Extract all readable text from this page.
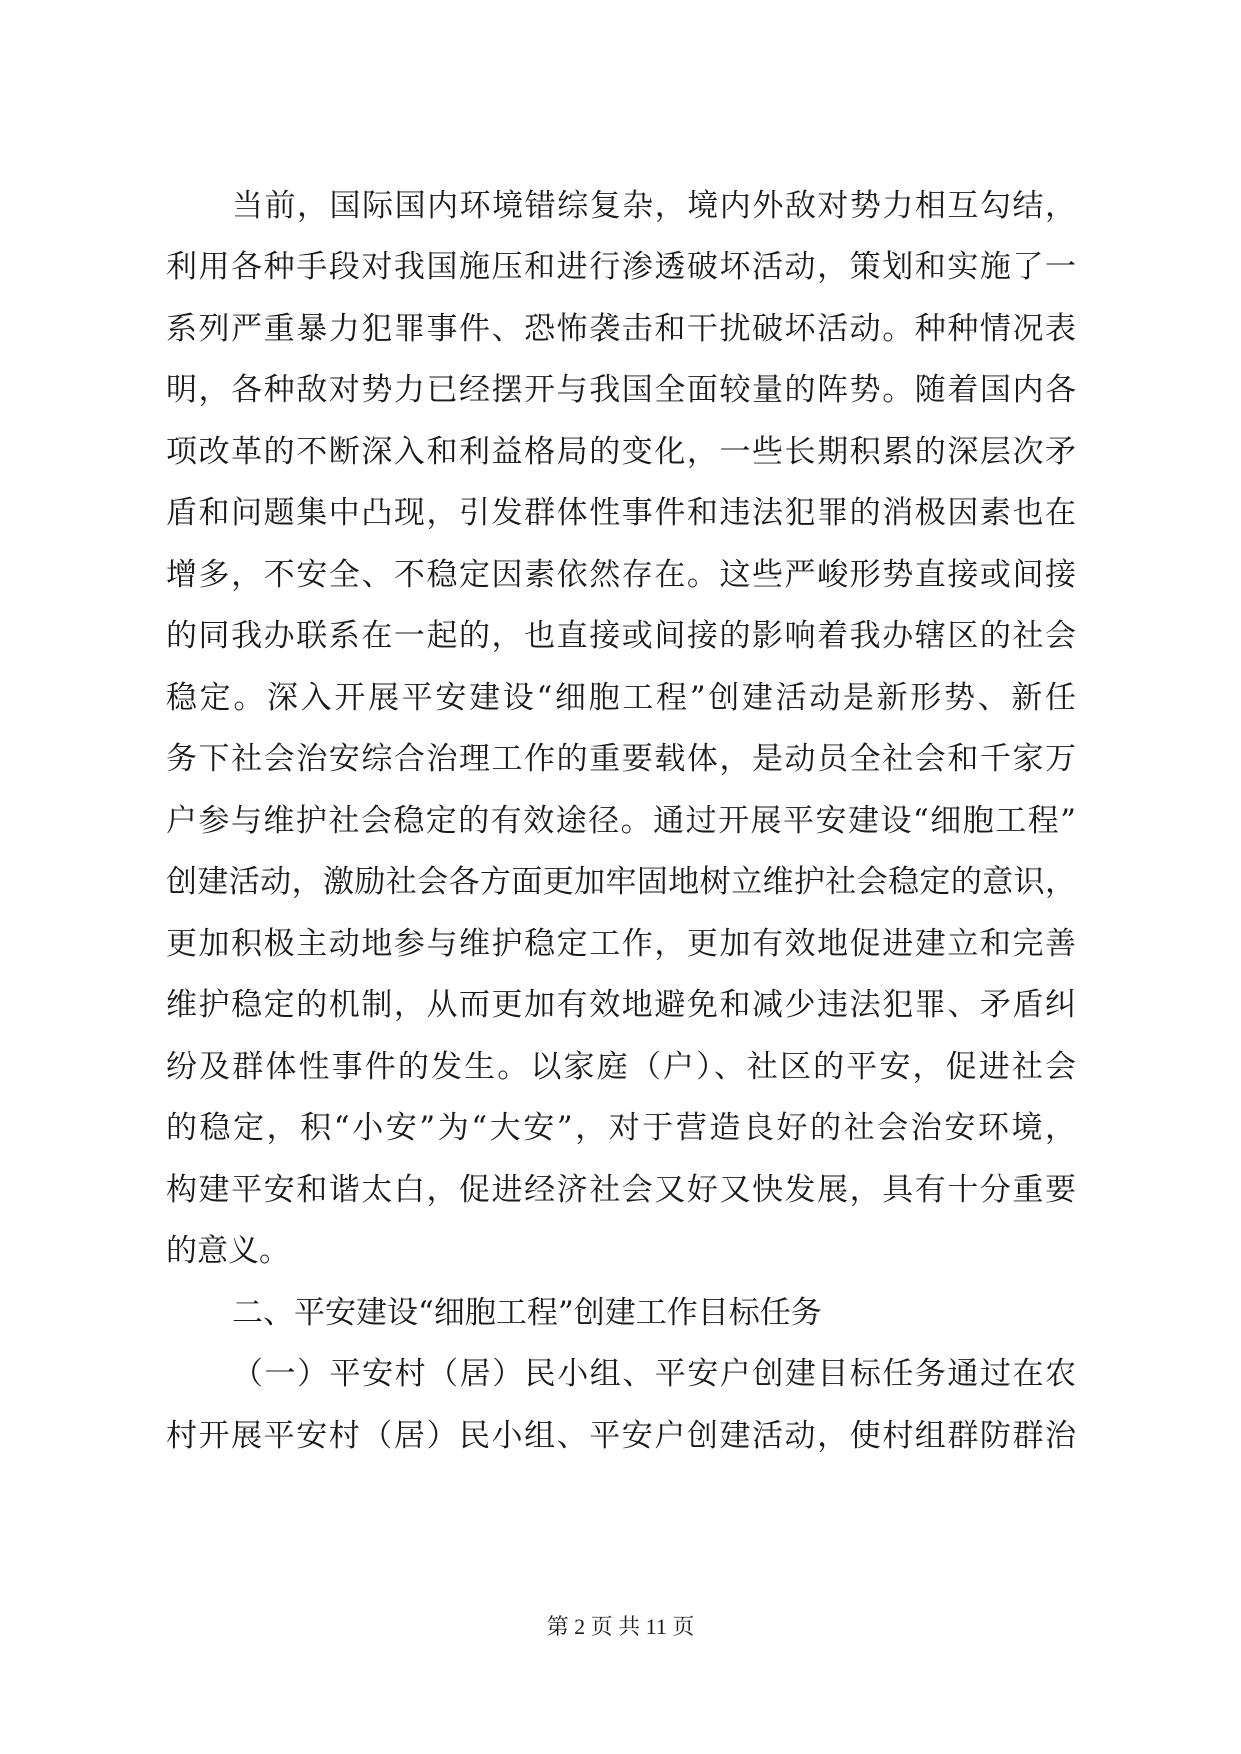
当前，国际国内环境错综复杂，境内外敌对势力相互勾结，
利用各种手段对我国施压和进行渗透破坏活动，策划和实施了一
系列严重暴力犯罪事件、恐怖袭击和干扰破坏活动。种种情况表
明，各种敌对势力已经摆开与我国全面较量的阵势。随着国内各
项改革的不断深入和利益格局的变化，一些长期积累的深层次矛
盾和问题集中凸现，引发群体性事件和违法犯罪的消极因素也在
增多，不安全、不稳定因素依然存在。这些严峻形势直接或间接
的同我办联系在一起的，也直接或间接的影响着我办辖区的社会
稳定。深入开展平安建设“细胞工程”创建活动是新形势、新任
务下社会治安综合治理工作的重要载体，是动员全社会和千家万
户参与维护社会稳定的有效途径。通过开展平安建设“细胞工程”
创建活动，激励社会各方面更加牢固地树立维护社会稳定的意识，
更加积极主动地参与维护稳定工作，更加有效地促进建立和完善
维护稳定的机制，从而更加有效地避免和减少违法犯罪、矛盾纠
纷及群体性事件的发生。以家庭（户）、社区的平安，促进社会
的稳定，积“小安”为“大安”，对于营造良好的社会治安环境，
构建平安和谐太白，促进经济社会又好又快发展，具有十分重要
的意义。
二、平安建设“细胞工程”创建工作目标任务
（一）平安村（居）民小组、平安户创建目标任务通过在农
村开展平安村（居）民小组、平安户创建活动，使村组群防群治
第 2 页 共 11 页
